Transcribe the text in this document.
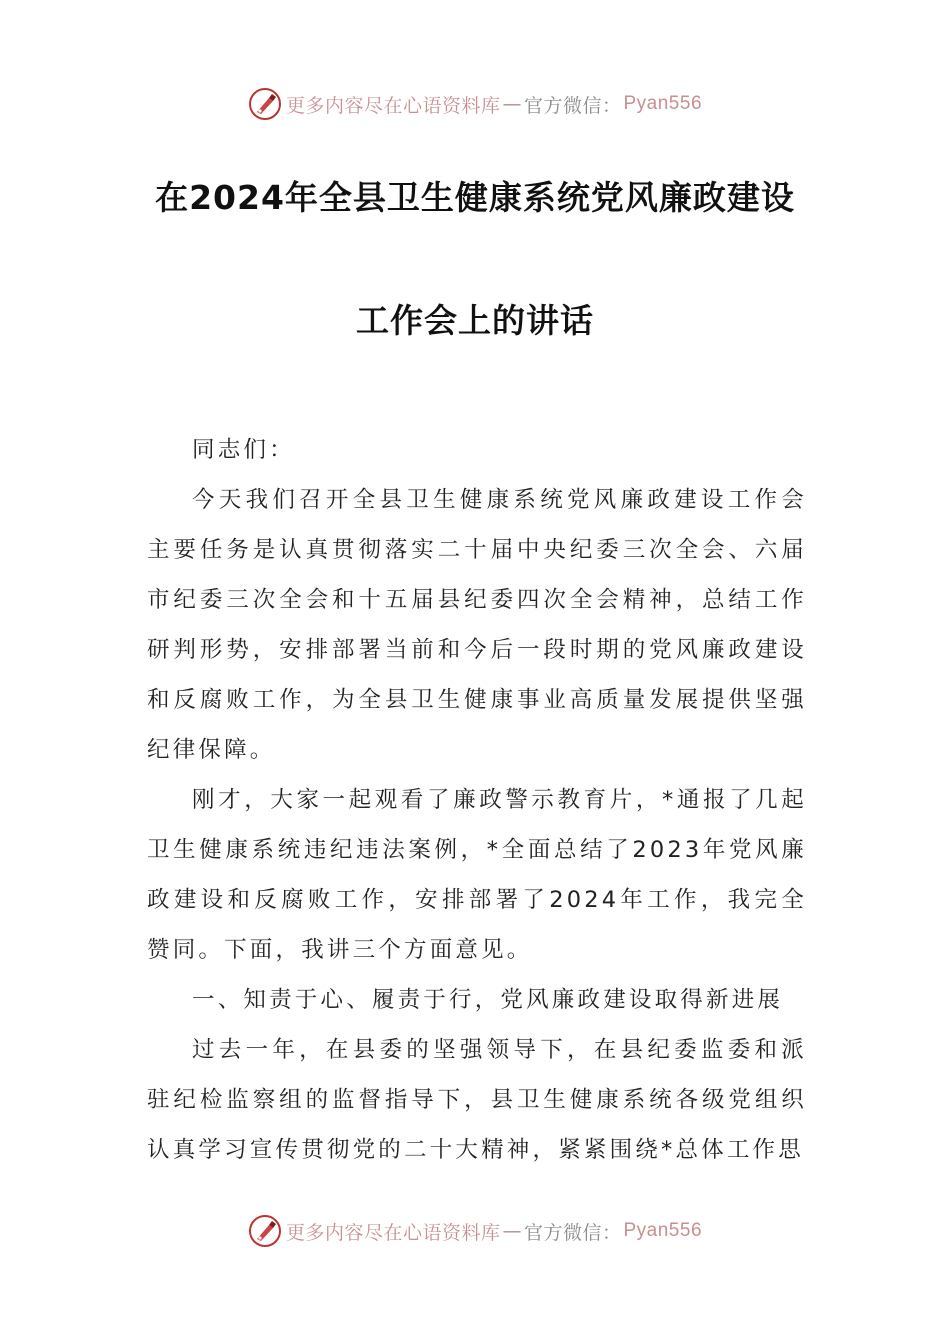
更多内容尽在心语资料库 — 官方微信： Pyan556
在2024年全县卫生健康系统党风廉政建设
工作会上的讲话

同志们：

今天我们召开全县卫生健康系统党风廉政建设工作会主要任务是认真贯彻落实二十届中央纪委三次全会、六届市纪委三次全会和十五届县纪委四次全会精神，总结工作研判形势，安排部署当前和今后一段时期的党风廉政建设和反腐败工作，为全县卫生健康事业高质量发展提供坚强纪律保障。

刚才，大家一起观看了廉政警示教育片，*通报了几起卫生健康系统违纪违法案例，*全面总结了2023年党风廉政建设和反腐败工作，安排部署了2024年工作，我完全赞同。下面，我讲三个方面意见。

一、知责于心、履责于行，党风廉政建设取得新进展

过去一年，在县委的坚强领导下，在县纪委监委和派驻纪检监察组的监督指导下，县卫生健康系统各级党组织认真学习宣传贯彻党的二十大精神，紧紧围绕*总体工作思

更多内容尽在心语资料库 — 官方微信： Pyan556
